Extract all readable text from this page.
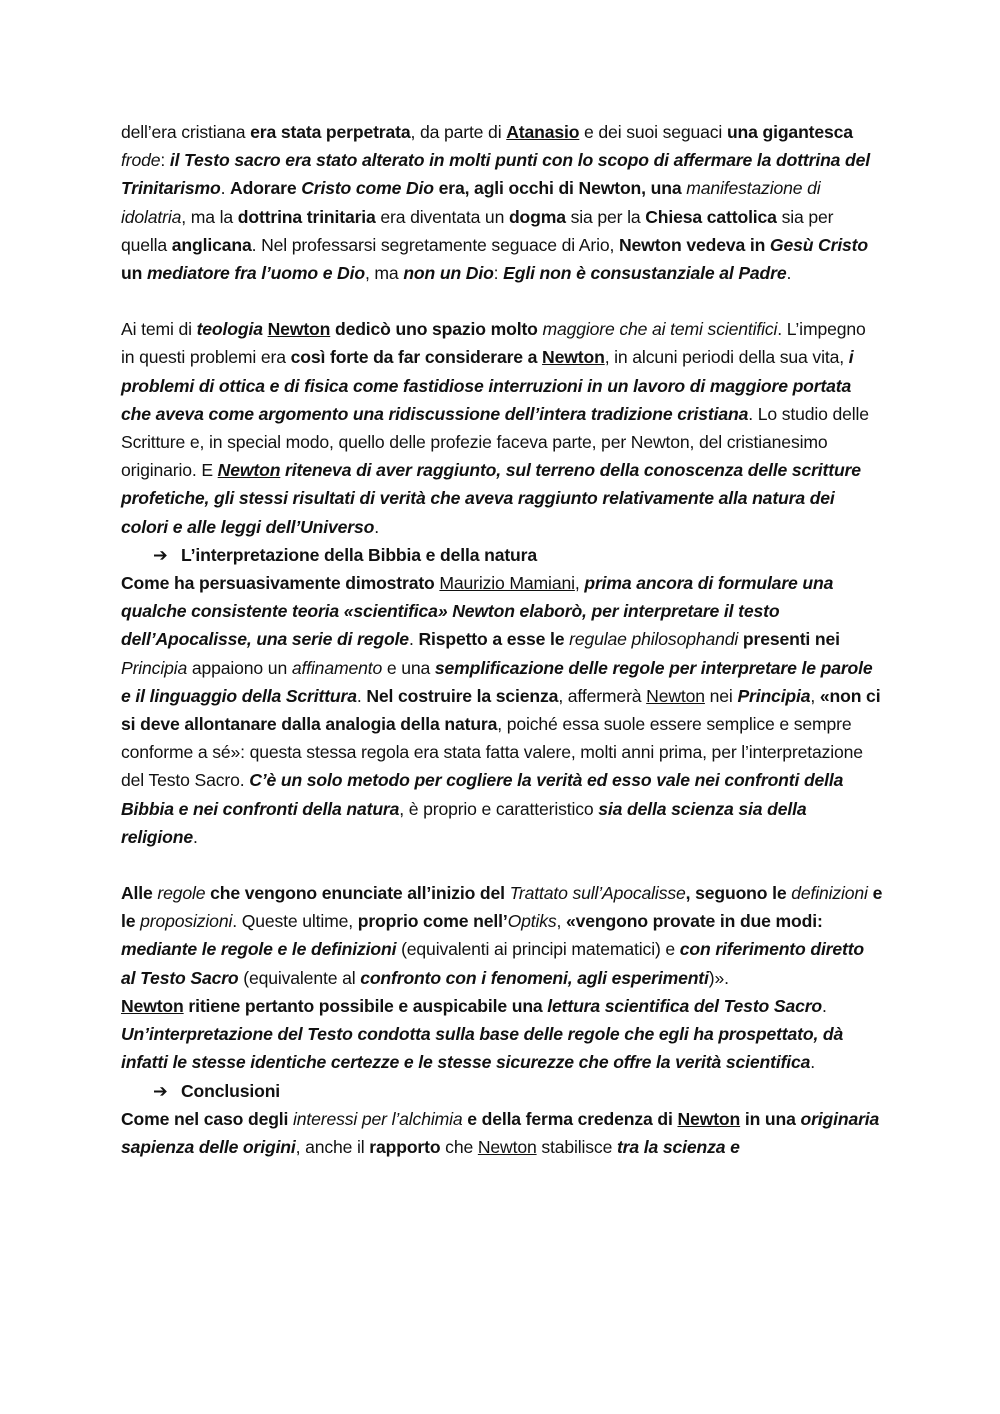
dell’era cristiana era stata perpetrata, da parte di Atanasio e dei suoi seguaci una gigantesca frode: il Testo sacro era stato alterato in molti punti con lo scopo di affermare la dottrina del Trinitarismo. Adorare Cristo come Dio era, agli occhi di Newton, una manifestazione di idolatria, ma la dottrina trinitaria era diventata un dogma sia per la Chiesa cattolica sia per quella anglicana. Nel professarsi segretamente seguace di Ario, Newton vedeva in Gesù Cristo un mediatore fra l’uomo e Dio, ma non un Dio: Egli non è consustanziale al Padre.

Ai temi di teologia Newton dedicò uno spazio molto maggiore che ai temi scientifici. L’impegno in questi problemi era così forte da far considerare a Newton, in alcuni periodi della sua vita, i problemi di ottica e di fisica come fastidiose interruzioni in un lavoro di maggiore portata che aveva come argomento una ridiscussione dell’intera tradizione cristiana. Lo studio delle Scritture e, in special modo, quello delle profezie faceva parte, per Newton, del cristianesimo originario. E Newton riteneva di aver raggiunto, sul terreno della conoscenza delle scritture profetiche, gli stessi risultati di verità che aveva raggiunto relativamente alla natura dei colori e alle leggi dell’Universo.

➔ L’interpretazione della Bibbia e della natura

Come ha persuasivamente dimostrato Maurizio Mamiani, prima ancora di formulare una qualche consistente teoria «scientifica» Newton elaborò, per interpretare il testo dell’Apocalisse, una serie di regole. Rispetto a esse le regulae philosophandi presenti nei Principia appaiono un affinamento e una semplificazione delle regole per interpretare le parole e il linguaggio della Scrittura. Nel costruire la scienza, affermerà Newton nei Principia, «non ci si deve allontanare dalla analogia della natura, poiché essa suole essere semplice e sempre conforme a sé»: questa stessa regola era stata fatta valere, molti anni prima, per l’interpretazione del Testo Sacro. C’è un solo metodo per cogliere la verità ed esso vale nei confronti della Bibbia e nei confronti della natura, è proprio e caratteristico sia della scienza sia della religione.

Alle regole che vengono enunciate all’inizio del Trattato sull’Apocalisse, seguono le definizioni e le proposizioni. Queste ultime, proprio come nell’Optiks, «vengono provate in due modi: mediante le regole e le definizioni (equivalenti ai principi matematici) e con riferimento diretto al Testo Sacro (equivalente al confronto con i fenomeni, agli esperimenti)».

Newton ritiene pertanto possibile e auspicabile una lettura scientifica del Testo Sacro. Un’interpretazione del Testo condotta sulla base delle regole che egli ha prospettato, dà infatti le stesse identiche certezze e le stesse sicurezze che offre la verità scientifica.

➔ Conclusioni

Come nel caso degli interessi per l’alchimia e della ferma credenza di Newton in una originaria sapienza delle origini, anche il rapporto che Newton stabilisce tra la scienza e
